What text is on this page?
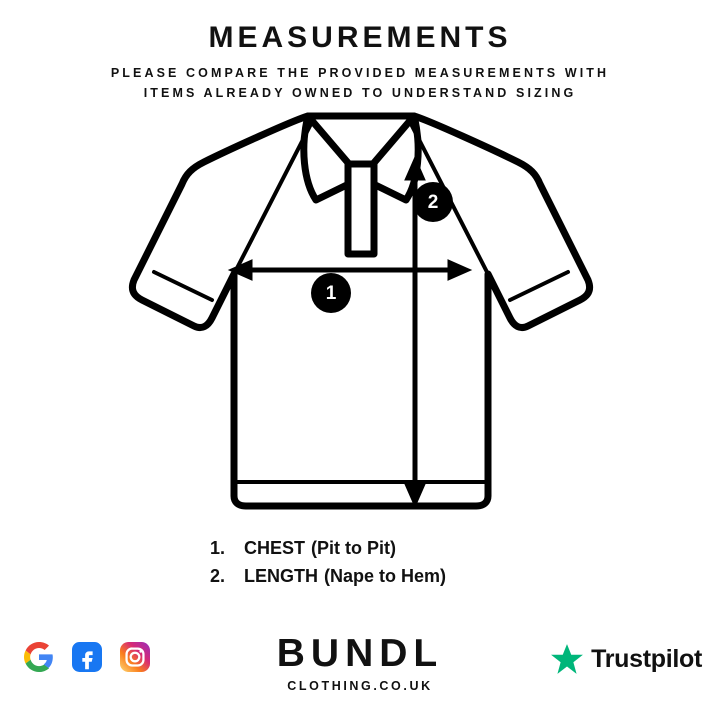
MEASUREMENTS
PLEASE COMPARE THE PROVIDED MEASUREMENTS WITH
ITEMS ALREADY OWNED TO UNDERSTAND SIZING
1
2
1.	CHEST (Pit to Pit)
2.	LENGTH (Nape to Hem)
BUNDL
CLOTHING.CO.UK
Trustpilot
